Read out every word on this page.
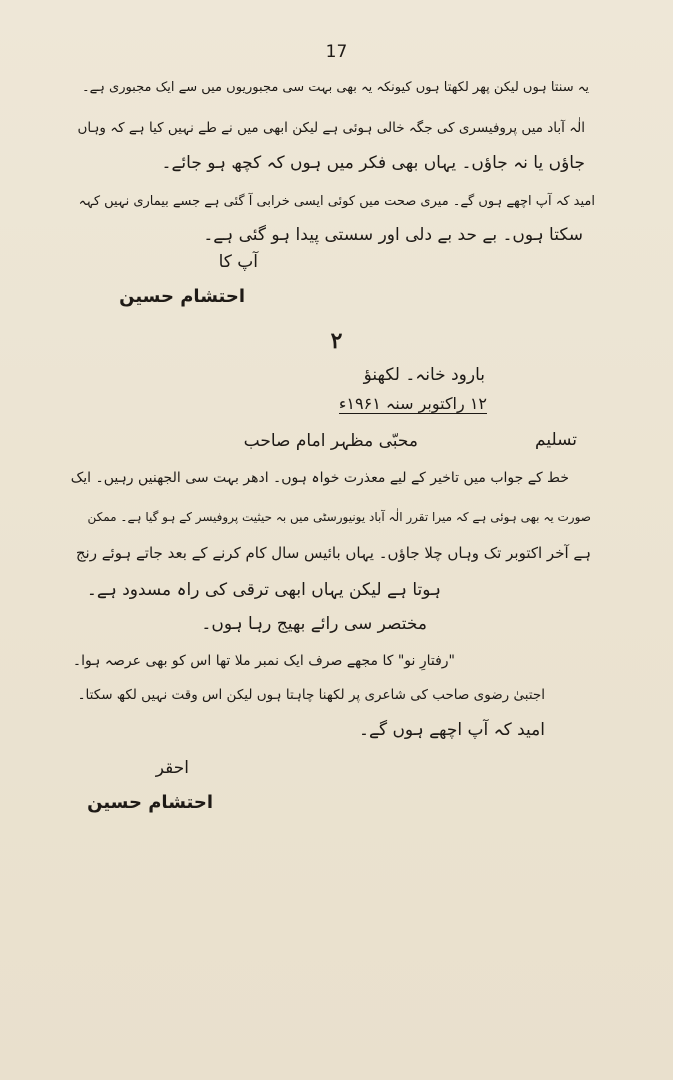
17
یہ سنتا ہوں لیکن پھر لکھتا ہوں کیونکہ یہ بھی بہت سی مجبوریوں میں سے ایک مجبوری ہے۔
الٰہ آباد میں پروفیسری کی جگہ خالی ہوئی ہے لیکن ابھی میں نے طے نہیں کیا ہے کہ وہاں
جاؤں یا نہ جاؤں۔ یہاں بھی فکر میں ہوں کہ کچھ ہو جائے۔
امید کہ آپ اچھے ہوں گے۔ میری صحت میں کوئی ایسی خرابی آ گئی ہے جسے بیماری نہیں کہہ
سکتا ہوں۔ بے حد بے دلی اور سستی پیدا ہو گئی ہے۔
آپ کا
احتشام حسین
۲
بارود خانہ۔ لکھنؤ
۱۲ راکتوبر سنہ ۱۹۶۱ء
محبّی مظہر امام صاحب	تسلیم
خط کے جواب میں تاخیر کے لیے معذرت خواہ ہوں۔ ادھر بہت سی الجھنیں رہیں۔ ایک
صورت یہ بھی ہوئی ہے کہ میرا تقرر الٰہ آباد یونیورسٹی میں بہ حیثیت پروفیسر کے ہو گیا ہے۔ ممکن
ہے آخر اکتوبر تک وہاں چلا جاؤں۔ یہاں بائیس سال کام کرنے کے بعد جاتے ہوئے رنج
ہوتا ہے لیکن یہاں ابھی ترقی کی راہ مسدود ہے۔
مختصر سی رائے بھیج رہا ہوں۔
"رفتارِ نو" کا مجھے صرف ایک نمبر ملا تھا اس کو بھی عرصہ ہوا۔
اجتبیٰ رضوی صاحب کی شاعری پر لکھنا چاہتا ہوں لیکن اس وقت نہیں لکھ سکتا۔
امید کہ آپ اچھے ہوں گے۔
احقر
احتشام حسین
